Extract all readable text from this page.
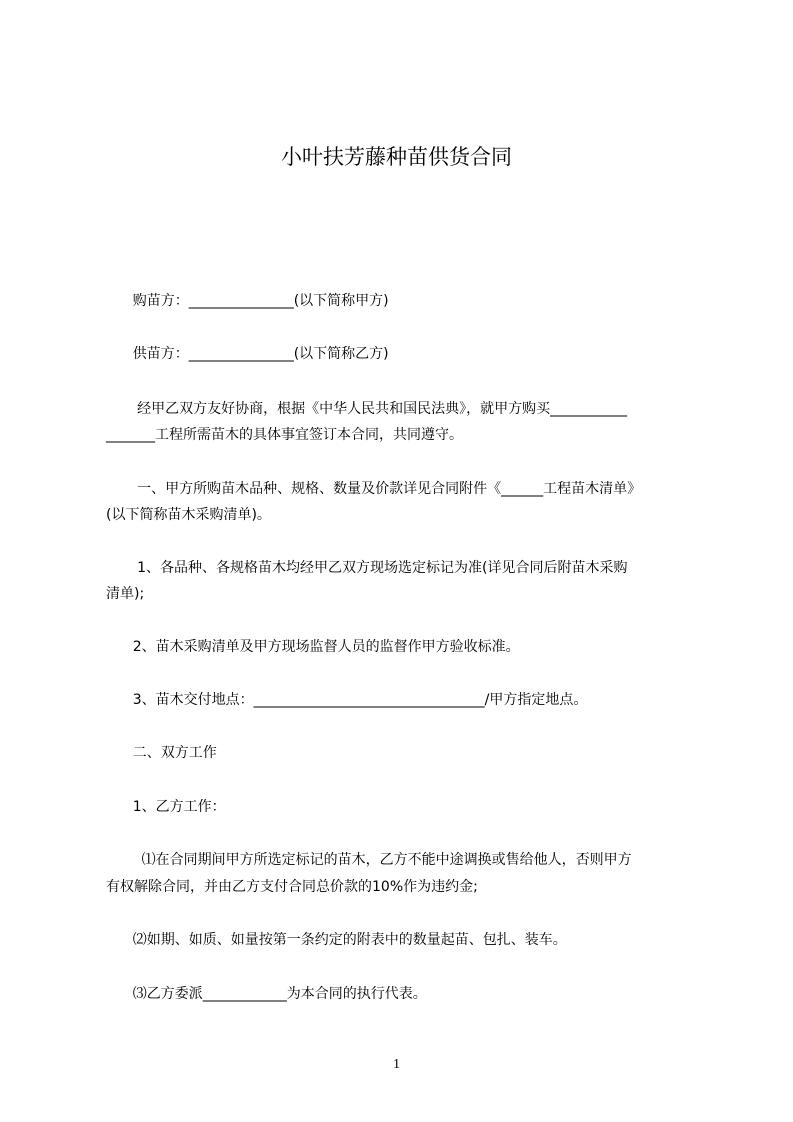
小叶扶芳藤种苗供货合同
购苗方：_______________(以下简称甲方)
供苗方：_______________(以下简称乙方)
经甲乙双方友好协商，根据《中华人民共和国民法典》，就甲方购买___________
_______工程所需苗木的具体事宜签订本合同，共同遵守。
一、甲方所购苗木品种、规格、数量及价款详见合同附件《______工程苗木清单》
(以下简称苗木采购清单)。
1、各品种、各规格苗木均经甲乙双方现场选定标记为准(详见合同后附苗木采购
清单);
2、苗木采购清单及甲方现场监督人员的监督作甲方验收标准。
3、苗木交付地点：_________________________________/甲方指定地点。
二、双方工作
1、乙方工作：
⑴在合同期间甲方所选定标记的苗木，乙方不能中途调换或售给他人，否则甲方
有权解除合同，并由乙方支付合同总价款的10%作为违约金;
⑵如期、如质、如量按第一条约定的附表中的数量起苗、包扎、装车。
⑶乙方委派____________为本合同的执行代表。
1
